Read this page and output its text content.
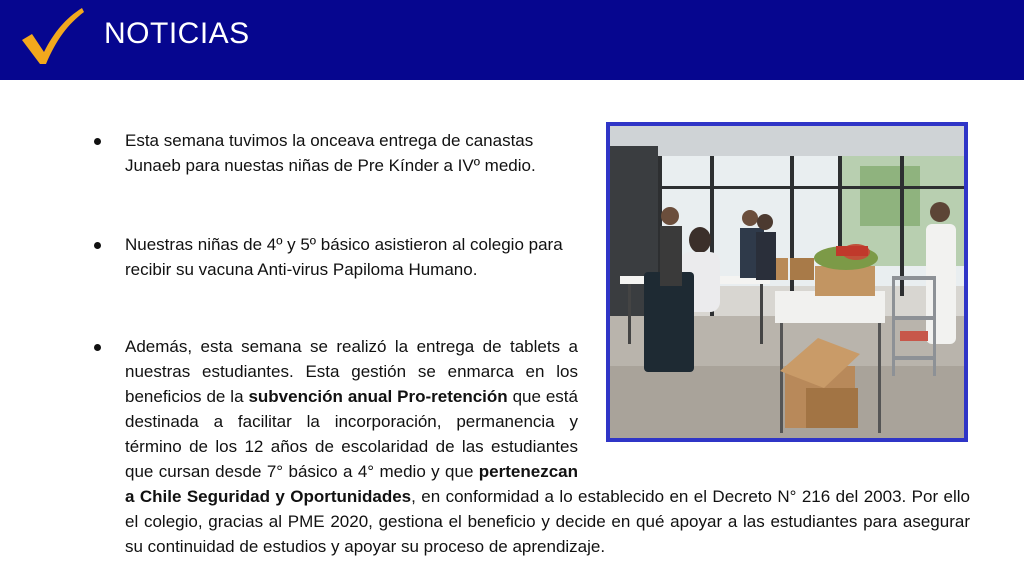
NOTICIAS
Esta semana tuvimos la onceava entrega de canastas Junaeb para nuestas niñas de Pre Kínder a IVº medio.
Nuestras niñas de 4º y 5º básico asistieron al colegio para recibir su vacuna Anti-virus Papiloma Humano.
Además, esta semana se realizó la entrega de tablets a nuestras estudiantes. Esta gestión se enmarca en los beneficios de la subvención anual Pro-retención que está destinada a facilitar la incorporación, permanencia y término de los 12 años de escolaridad de las estudiantes que cursan desde 7° básico a 4° medio y que pertenezcan a Chile Seguridad y Oportunidades, en conformidad a lo establecido en el Decreto N° 216 del 2003. Por ello el colegio, gracias al PME 2020, gestiona el beneficio y decide en qué apoyar a las estudiantes para asegurar su continuidad de estudios y apoyar su proceso de aprendizaje.
